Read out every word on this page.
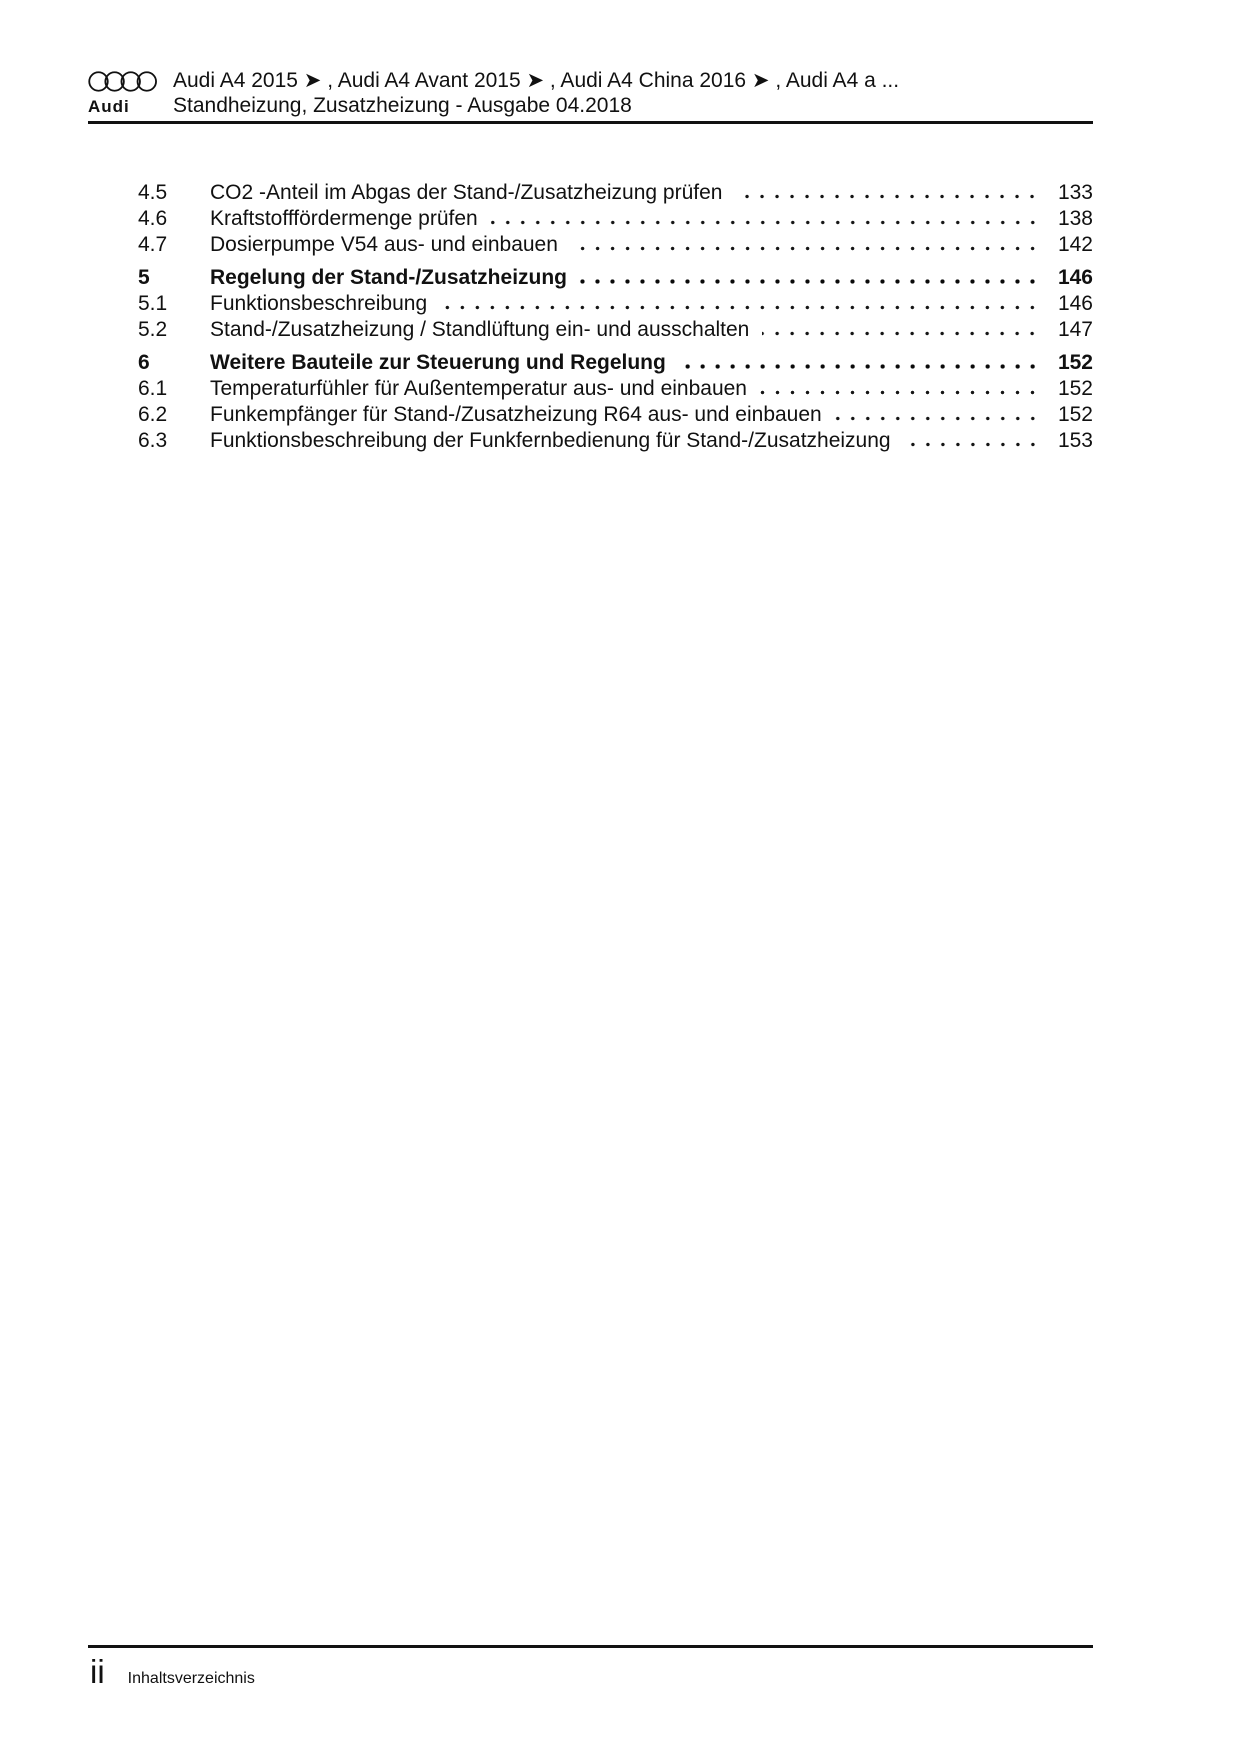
Audi
Audi A4 2015 ➤ , Audi A4 Avant 2015 ➤ , Audi A4 China 2016 ➤ , Audi A4 a ...
Standheizung, Zusatzheizung - Ausgabe 04.2018
4.5	CO2 -Anteil im Abgas der Stand-/Zusatzheizung prüfen	133
4.6	Kraftstofffördermenge prüfen	138
4.7	Dosierpumpe V54 aus- und einbauen	142
5	Regelung der Stand-/Zusatzheizung	146
5.1	Funktionsbeschreibung	146
5.2	Stand-/Zusatzheizung / Standlüftung ein- und ausschalten	147
6	Weitere Bauteile zur Steuerung und Regelung	152
6.1	Temperaturfühler für Außentemperatur aus- und einbauen	152
6.2	Funkempfänger für Stand-/Zusatzheizung R64 aus- und einbauen	152
6.3	Funktionsbeschreibung der Funkfernbedienung für Stand-/Zusatzheizung	153
ii Inhaltsverzeichnis
